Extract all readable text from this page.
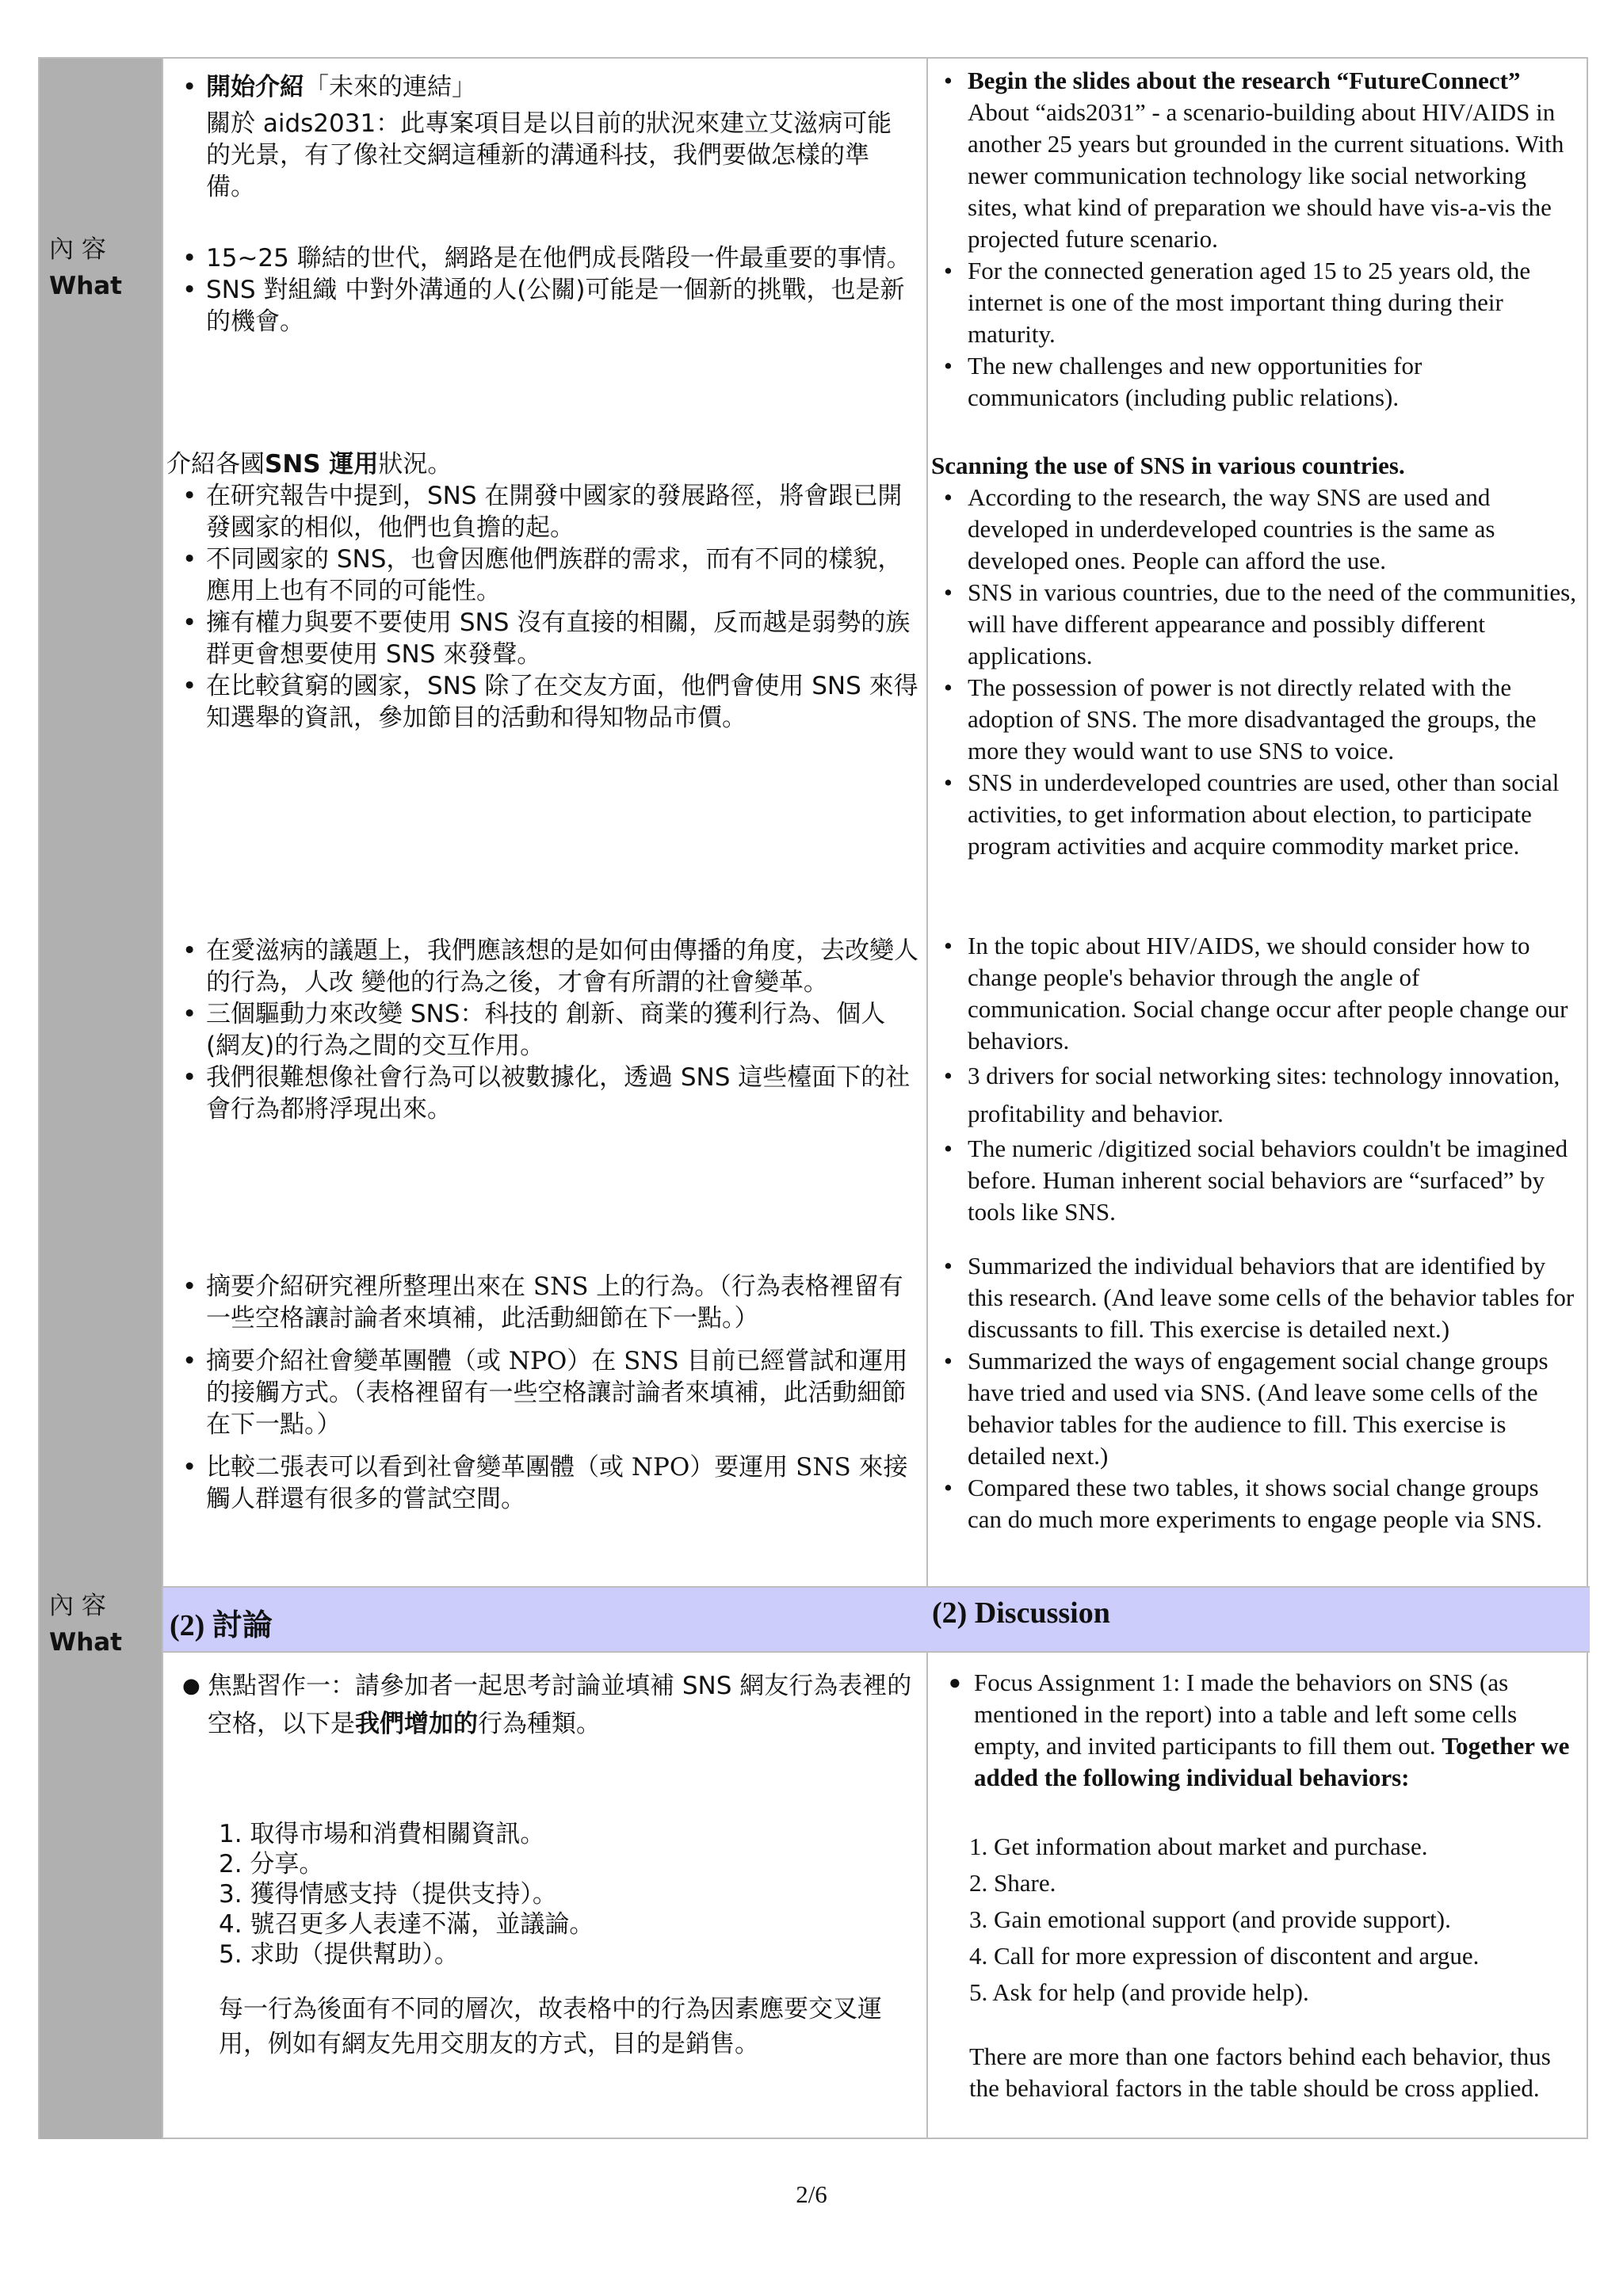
內 容
What
內 容
What
• 開始介紹「未來的連結」
關於 aids2031：此專案項目是以目前的狀況來建立艾滋病可能的光景，有了像社交網這種新的溝通科技，我們要做怎樣的準備。
• 15~25 聯結的世代，網路是在他們成長階段一件最重要的事情。
• SNS 對組織 中對外溝通的人(公關)可能是一個新的挑戰，也是新的機會。
• Begin the slides about the research “FutureConnect”
About “aids2031” - a scenario-building about HIV/AIDS in another 25 years but grounded in the current situations. With newer communication technology like social networking sites, what kind of preparation we should have vis-a-vis the projected future scenario.
• For the connected generation aged 15 to 25 years old, the internet is one of the most important thing during their maturity.
• The new challenges and new opportunities for communicators (including public relations).
介紹各國SNS 運用狀況。
• 在研究報告中提到，SNS 在開發中國家的發展路徑，將會跟已開發國家的相似，他們也負擔的起。
• 不同國家的 SNS，也會因應他們族群的需求，而有不同的樣貌，應用上也有不同的可能性。
• 擁有權力與要不要使用 SNS 沒有直接的相關，反而越是弱勢的族群更會想要使用 SNS 來發聲。
• 在比較貧窮的國家，SNS 除了在交友方面，他們會使用 SNS 來得知選舉的資訊，參加節目的活動和得知物品市價。
Scanning the use of SNS in various countries.
• According to the research, the way SNS are used and developed in underdeveloped countries is the same as developed ones. People can afford the use.
• SNS in various countries, due to the need of the communities, will have different appearance and possibly different applications.
• The possession of power is not directly related with the adoption of SNS. The more disadvantaged the groups, the more they would want to use SNS to voice.
• SNS in underdeveloped countries are used, other than social activities, to get information about election, to participate program activities and acquire commodity market price.
• 在愛滋病的議題上，我們應該想的是如何由傳播的角度，去改變人的行為，人改 變他的行為之後，才會有所謂的社會變革。
• 三個驅動力來改變 SNS：科技的 創新、商業的獲利行為、個人(網友)的行為之間的交互作用。
• 我們很難想像社會行為可以被數據化，透過 SNS 這些檯面下的社會行為都將浮現出來。
• In the topic about HIV/AIDS, we should consider how to change people's behavior through the angle of communication. Social change occur after people change our behaviors.
• 3 drivers for social networking sites: technology innovation, profitability and behavior.
• The numeric /digitized social behaviors couldn't be imagined before. Human inherent social behaviors are “surfaced” by tools like SNS.
• 摘要介紹研究裡所整理出來在 SNS 上的行為。（行為表格裡留有一些空格讓討論者來填補，此活動細節在下一點。）
• 摘要介紹社會變革團體（或 NPO）在 SNS 目前已經嘗試和運用的接觸方式。（表格裡留有一些空格讓討論者來填補，此活動細節在下一點。）
• 比較二張表可以看到社會變革團體（或 NPO）要運用 SNS 來接觸人群還有很多的嘗試空間。
• Summarized the individual behaviors that are identified by this research. (And leave some cells of the behavior tables for discussants to fill. This exercise is detailed next.)
• Summarized the ways of engagement social change groups have tried and used via SNS. (And leave some cells of the behavior tables for the audience to fill. This exercise is detailed next.)
• Compared these two tables, it shows social change groups can do much more experiments to engage people via SNS.
(2) 討論	(2) Discussion
● 焦點習作一：請參加者一起思考討論並填補 SNS 網友行為表裡的空格，以下是我們增加的行為種類。
1. 取得市場和消費相關資訊。
2. 分享。
3. 獲得情感支持（提供支持）。
4. 號召更多人表達不滿，並議論。
5. 求助（提供幫助）。
每一行為後面有不同的層次，故表格中的行為因素應要交叉運用，例如有網友先用交朋友的方式，目的是銷售。
● Focus Assignment 1: I made the behaviors on SNS (as mentioned in the report) into a table and left some cells empty, and invited participants to fill them out. Together we added the following individual behaviors:
1. Get information about market and purchase.
2. Share.
3. Gain emotional support (and provide support).
4. Call for more expression of discontent and argue.
5. Ask for help (and provide help).
There are more than one factors behind each behavior, thus the behavioral factors in the table should be cross applied.
2/6
